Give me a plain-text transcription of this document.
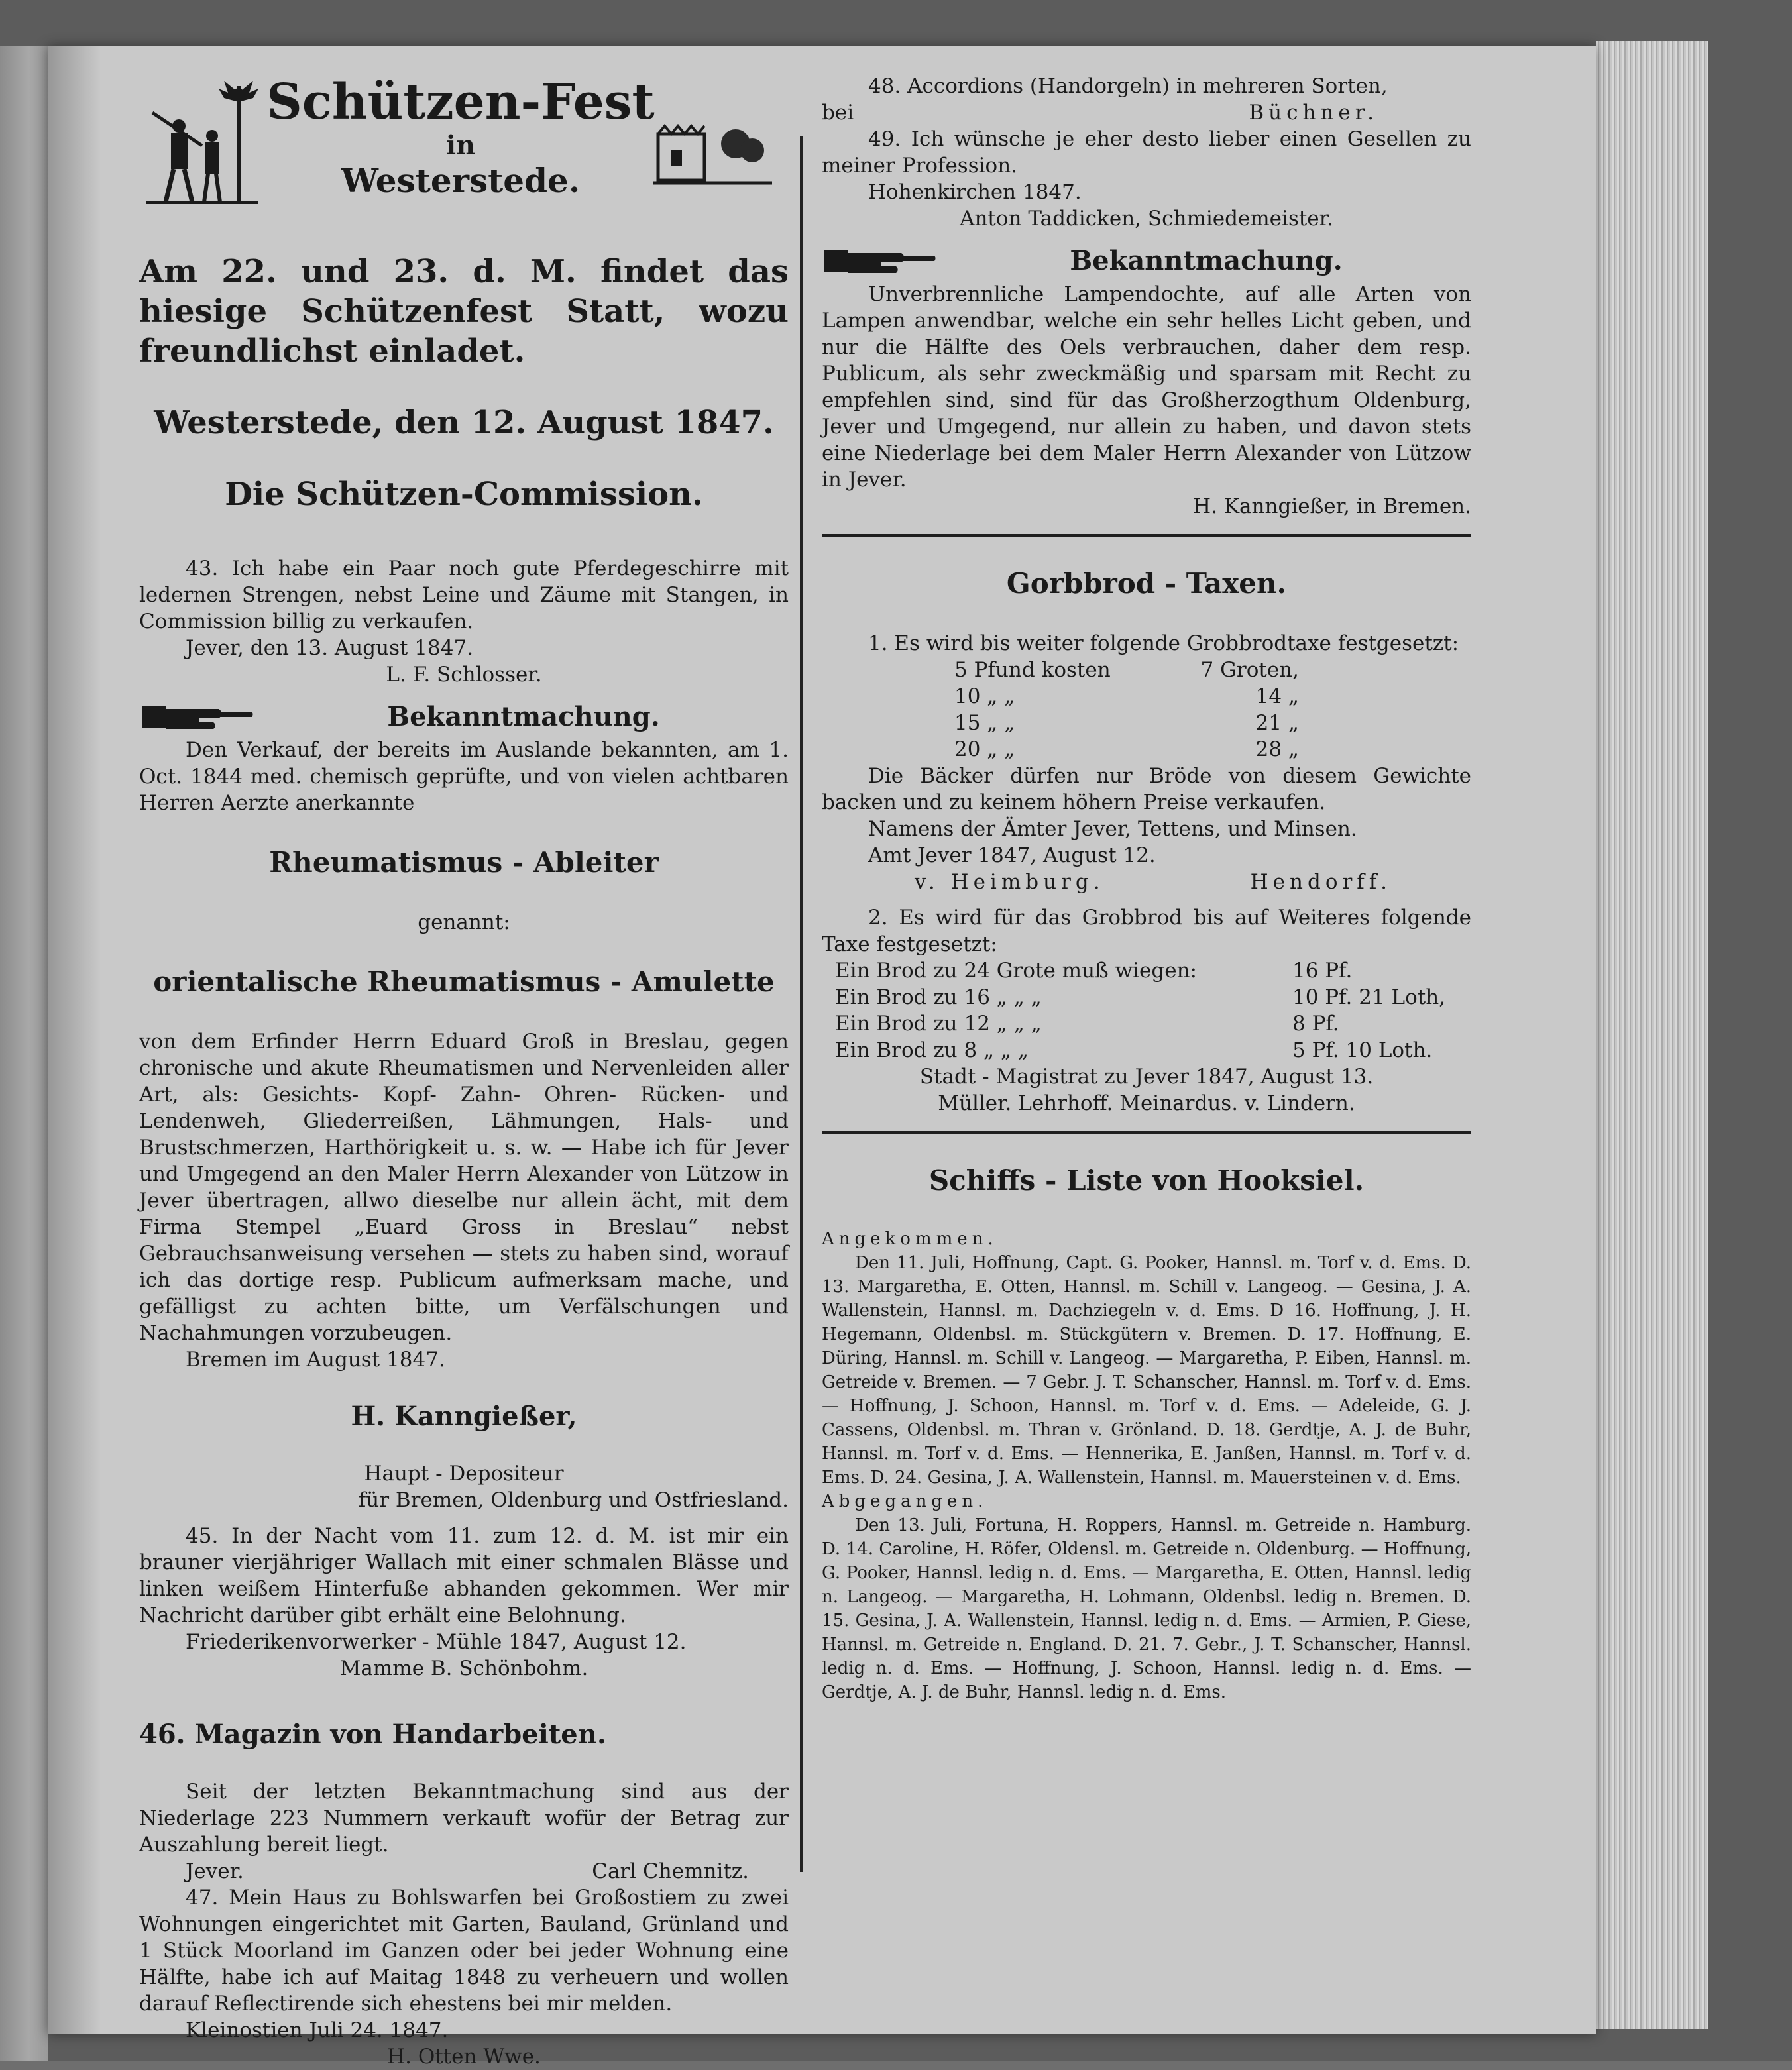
Schützen-Fest
in
Westerstede.

Am 22. und 23. d. M. findet das hiesige Schützenfest Statt, wozu freundlichst einladet.

Westerstede, den 12. August 1847.

Die Schützen-Commission.

43. Ich habe ein Paar noch gute Pferdegeschirre mit ledernen Strengen, nebst Leine und Zäume mit Stangen, in Commission billig zu verkaufen.

Jever, den 13. August 1847.

L. F. Schlosser.

Bekanntmachung.

Den Verkauf, der bereits im Auslande bekannten, am 1. Oct. 1844 med. chemisch geprüfte, und von vielen achtbaren Herren Aerzte anerkannte

Rheumatismus - Ableiter

genannt:

orientalische Rheumatismus - Amulette

von dem Erfinder Herrn Eduard Groß in Breslau, gegen chronische und akute Rheumatismen und Nervenleiden aller Art, als: Gesichts- Kopf- Zahn- Ohren- Rücken- und Lendenweh, Gliederreißen, Lähmungen, Hals- und Brustschmerzen, Harthörigkeit u. s. w. — Habe ich für Jever und Umgegend an den Maler Herrn Alexander von Lützow in Jever übertragen, allwo dieselbe nur allein ächt, mit dem Firma Stempel „Euard Gross in Breslau“ nebst Gebrauchsanweisung versehen — stets zu haben sind, worauf ich das dortige resp. Publicum aufmerksam mache, und gefälligst zu achten bitte, um Verfälschungen und Nachahmungen vorzubeugen.

Bremen im August 1847.

H. Kanngießer,

Haupt - Depositeur

für Bremen, Oldenburg und Ostfriesland.

45. In der Nacht vom 11. zum 12. d. M. ist mir ein brauner vierjähriger Wallach mit einer schmalen Blässe und linken weißem Hinterfuße abhanden gekommen. Wer mir Nachricht darüber gibt erhält eine Belohnung.

Friederikenvorwerker - Mühle 1847, August 12.

Mamme B. Schönbohm.

46. Magazin von Handarbeiten.

Seit der letzten Bekanntmachung sind aus der Niederlage 223 Nummern verkauft wofür der Betrag zur Auszahlung bereit liegt.

Jever.	Carl Chemnitz.

47. Mein Haus zu Bohlswarfen bei Großostiem zu zwei Wohnungen eingerichtet mit Garten, Bauland, Grünland und 1 Stück Moorland im Ganzen oder bei jeder Wohnung eine Hälfte, habe ich auf Maitag 1848 zu verheuern und wollen darauf Reflectirende sich ehestens bei mir melden.

Kleinostien Juli 24. 1847.

H. Otten Wwe.

48. Accordions (Handorgeln) in mehreren Sorten,

bei	Büchner.

49. Ich wünsche je eher desto lieber einen Gesellen zu meiner Profession.

Hohenkirchen 1847.

Anton Taddicken, Schmiedemeister.

Bekanntmachung.

Unverbrennliche Lampendochte, auf alle Arten von Lampen anwendbar, welche ein sehr helles Licht geben, und nur die Hälfte des Oels verbrauchen, daher dem resp. Publicum, als sehr zweckmäßig und sparsam mit Recht zu empfehlen sind, sind für das Großherzogthum Oldenburg, Jever und Umgegend, nur allein zu haben, und davon stets eine Niederlage bei dem Maler Herrn Alexander von Lützow in Jever.

H. Kanngießer, in Bremen.

Gorbbrod - Taxen.

1. Es wird bis weiter folgende Grobbrodtaxe festgesetzt:

5 Pfund kosten	7 Groten,
10 „ „	14 „
15 „ „	21 „
20 „ „	28 „

Die Bäcker dürfen nur Bröde von diesem Gewichte backen und zu keinem höhern Preise verkaufen.

Namens der Ämter Jever, Tettens, und Minsen.

Amt Jever 1847, August 12.

v. Heimburg.	Hendorff.

2. Es wird für das Grobbrod bis auf Weiteres folgende Taxe festgesetzt:

Ein Brod zu 24 Grote muß wiegen:	16 Pf.
Ein Brod zu 16 „ „ „	10 Pf. 21 Loth,
Ein Brod zu 12 „ „ „	8 Pf.
Ein Brod zu 8 „ „ „	5 Pf. 10 Loth.

Stadt - Magistrat zu Jever 1847, August 13.

Müller. Lehrhoff. Meinardus. v. Lindern.

Schiffs - Liste von Hooksiel.

Angekommen.

Den 11. Juli, Hoffnung, Capt. G. Pooker, Hannsl. m. Torf v. d. Ems. D. 13. Margaretha, E. Otten, Hannsl. m. Schill v. Langeog. — Gesina, J. A. Wallenstein, Hannsl. m. Dachziegeln v. d. Ems. D 16. Hoffnung, J. H. Hegemann, Oldenbsl. m. Stückgütern v. Bremen. D. 17. Hoffnung, E. Düring, Hannsl. m. Schill v. Langeog. — Margaretha, P. Eiben, Hannsl. m. Getreide v. Bremen. — 7 Gebr. J. T. Schanscher, Hannsl. m. Torf v. d. Ems. — Hoffnung, J. Schoon, Hannsl. m. Torf v. d. Ems. — Adeleide, G. J. Cassens, Oldenbsl. m. Thran v. Grönland. D. 18. Gerdtje, A. J. de Buhr, Hannsl. m. Torf v. d. Ems. — Hennerika, E. Janßen, Hannsl. m. Torf v. d. Ems. D. 24. Gesina, J. A. Wallenstein, Hannsl. m. Mauersteinen v. d. Ems.

Abgegangen.

Den 13. Juli, Fortuna, H. Roppers, Hannsl. m. Getreide n. Hamburg. D. 14. Caroline, H. Röfer, Oldensl. m. Getreide n. Oldenburg. — Hoffnung, G. Pooker, Hannsl. ledig n. d. Ems. — Margaretha, E. Otten, Hannsl. ledig n. Langeog. — Margaretha, H. Lohmann, Oldenbsl. ledig n. Bremen. D. 15. Gesina, J. A. Wallenstein, Hannsl. ledig n. d. Ems. — Armien, P. Giese, Hannsl. m. Getreide n. England. D. 21. 7. Gebr., J. T. Schanscher, Hannsl. ledig n. d. Ems. — Hoffnung, J. Schoon, Hannsl. ledig n. d. Ems. — Gerdtje, A. J. de Buhr, Hannsl. ledig n. d. Ems.
